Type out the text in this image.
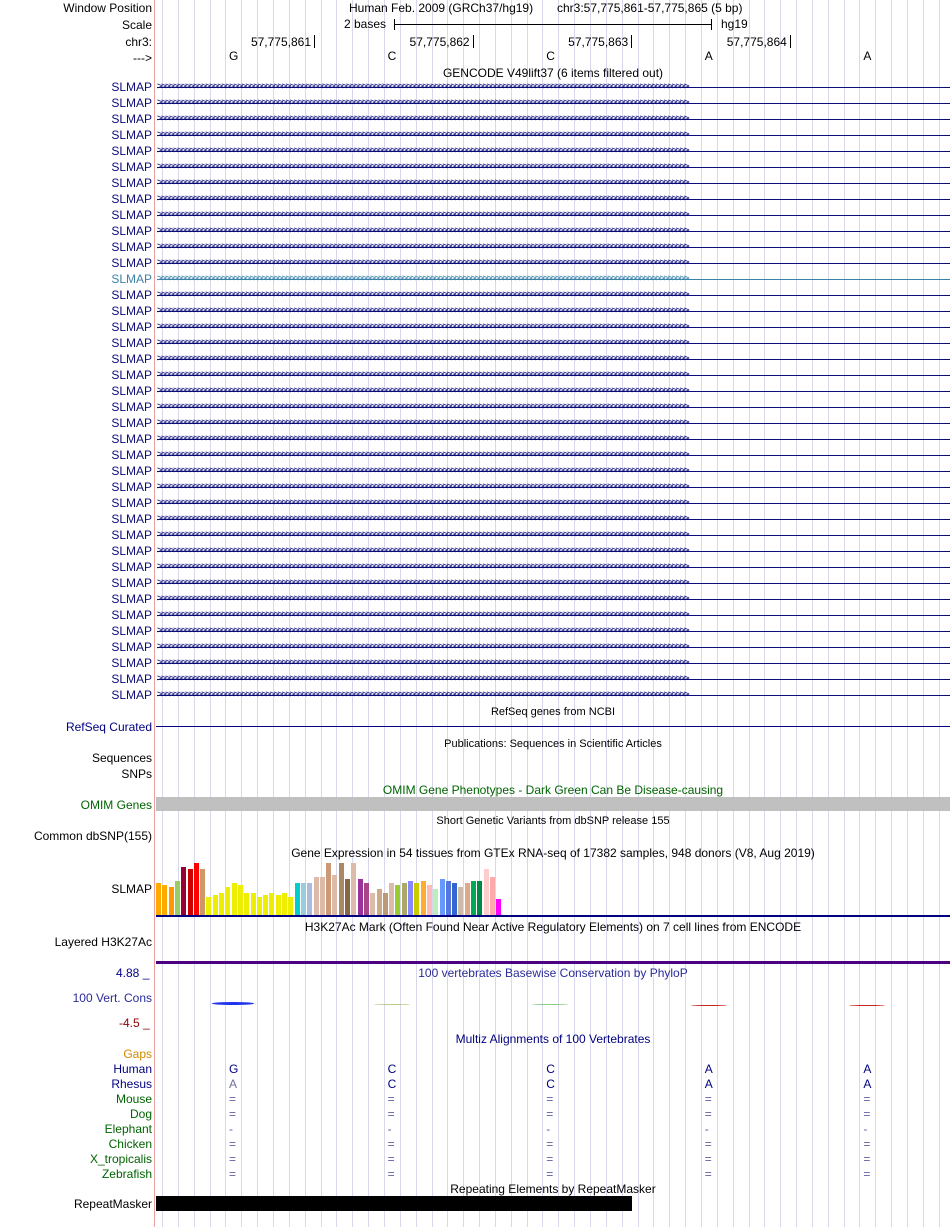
Window Position	Human Feb. 2009 (GRCh37/hg19) chr3:57,775,861-57,775,865 (5 bp)
Scale	2 bases	hg19
chr3:	57,775,861	57,775,862	57,775,863	57,775,864
--->	G	C	C	A	A
GENCODE V49lift37 (6 items filtered out)
SLMAP >>>>>>>>>>>>>>>>>>>>>>>>>>>>>>>>>>>>>>>>>>>>>>>>>>>>>>>>>>>>>>>>>>>>>>>>>>>>>>>>>>>>>>>>>>>>>>>>>>>>>>>>>>>>>>>>>>>>>>>>>>>>>>>>>>>>
SLMAP >>>>>>>>>>>>>>>>>>>>>>>>>>>>>>>>>>>>>>>>>>>>>>>>>>>>>>>>>>>>>>>>>>>>>>>>>>>>>>>>>>>>>>>>>>>>>>>>>>>>>>>>>>>>>>>>>>>>>>>>>>>>>>>>>>>>
SLMAP >>>>>>>>>>>>>>>>>>>>>>>>>>>>>>>>>>>>>>>>>>>>>>>>>>>>>>>>>>>>>>>>>>>>>>>>>>>>>>>>>>>>>>>>>>>>>>>>>>>>>>>>>>>>>>>>>>>>>>>>>>>>>>>>>>>>
SLMAP >>>>>>>>>>>>>>>>>>>>>>>>>>>>>>>>>>>>>>>>>>>>>>>>>>>>>>>>>>>>>>>>>>>>>>>>>>>>>>>>>>>>>>>>>>>>>>>>>>>>>>>>>>>>>>>>>>>>>>>>>>>>>>>>>>>>
SLMAP >>>>>>>>>>>>>>>>>>>>>>>>>>>>>>>>>>>>>>>>>>>>>>>>>>>>>>>>>>>>>>>>>>>>>>>>>>>>>>>>>>>>>>>>>>>>>>>>>>>>>>>>>>>>>>>>>>>>>>>>>>>>>>>>>>>>
SLMAP >>>>>>>>>>>>>>>>>>>>>>>>>>>>>>>>>>>>>>>>>>>>>>>>>>>>>>>>>>>>>>>>>>>>>>>>>>>>>>>>>>>>>>>>>>>>>>>>>>>>>>>>>>>>>>>>>>>>>>>>>>>>>>>>>>>>
SLMAP >>>>>>>>>>>>>>>>>>>>>>>>>>>>>>>>>>>>>>>>>>>>>>>>>>>>>>>>>>>>>>>>>>>>>>>>>>>>>>>>>>>>>>>>>>>>>>>>>>>>>>>>>>>>>>>>>>>>>>>>>>>>>>>>>>>>
SLMAP >>>>>>>>>>>>>>>>>>>>>>>>>>>>>>>>>>>>>>>>>>>>>>>>>>>>>>>>>>>>>>>>>>>>>>>>>>>>>>>>>>>>>>>>>>>>>>>>>>>>>>>>>>>>>>>>>>>>>>>>>>>>>>>>>>>>
SLMAP >>>>>>>>>>>>>>>>>>>>>>>>>>>>>>>>>>>>>>>>>>>>>>>>>>>>>>>>>>>>>>>>>>>>>>>>>>>>>>>>>>>>>>>>>>>>>>>>>>>>>>>>>>>>>>>>>>>>>>>>>>>>>>>>>>>>
SLMAP >>>>>>>>>>>>>>>>>>>>>>>>>>>>>>>>>>>>>>>>>>>>>>>>>>>>>>>>>>>>>>>>>>>>>>>>>>>>>>>>>>>>>>>>>>>>>>>>>>>>>>>>>>>>>>>>>>>>>>>>>>>>>>>>>>>>
SLMAP >>>>>>>>>>>>>>>>>>>>>>>>>>>>>>>>>>>>>>>>>>>>>>>>>>>>>>>>>>>>>>>>>>>>>>>>>>>>>>>>>>>>>>>>>>>>>>>>>>>>>>>>>>>>>>>>>>>>>>>>>>>>>>>>>>>>
SLMAP >>>>>>>>>>>>>>>>>>>>>>>>>>>>>>>>>>>>>>>>>>>>>>>>>>>>>>>>>>>>>>>>>>>>>>>>>>>>>>>>>>>>>>>>>>>>>>>>>>>>>>>>>>>>>>>>>>>>>>>>>>>>>>>>>>>>
SLMAP >>>>>>>>>>>>>>>>>>>>>>>>>>>>>>>>>>>>>>>>>>>>>>>>>>>>>>>>>>>>>>>>>>>>>>>>>>>>>>>>>>>>>>>>>>>>>>>>>>>>>>>>>>>>>>>>>>>>>>>>>>>>>>>>>>>>
SLMAP >>>>>>>>>>>>>>>>>>>>>>>>>>>>>>>>>>>>>>>>>>>>>>>>>>>>>>>>>>>>>>>>>>>>>>>>>>>>>>>>>>>>>>>>>>>>>>>>>>>>>>>>>>>>>>>>>>>>>>>>>>>>>>>>>>>>
SLMAP >>>>>>>>>>>>>>>>>>>>>>>>>>>>>>>>>>>>>>>>>>>>>>>>>>>>>>>>>>>>>>>>>>>>>>>>>>>>>>>>>>>>>>>>>>>>>>>>>>>>>>>>>>>>>>>>>>>>>>>>>>>>>>>>>>>>
SLMAP >>>>>>>>>>>>>>>>>>>>>>>>>>>>>>>>>>>>>>>>>>>>>>>>>>>>>>>>>>>>>>>>>>>>>>>>>>>>>>>>>>>>>>>>>>>>>>>>>>>>>>>>>>>>>>>>>>>>>>>>>>>>>>>>>>>>
SLMAP >>>>>>>>>>>>>>>>>>>>>>>>>>>>>>>>>>>>>>>>>>>>>>>>>>>>>>>>>>>>>>>>>>>>>>>>>>>>>>>>>>>>>>>>>>>>>>>>>>>>>>>>>>>>>>>>>>>>>>>>>>>>>>>>>>>>
SLMAP >>>>>>>>>>>>>>>>>>>>>>>>>>>>>>>>>>>>>>>>>>>>>>>>>>>>>>>>>>>>>>>>>>>>>>>>>>>>>>>>>>>>>>>>>>>>>>>>>>>>>>>>>>>>>>>>>>>>>>>>>>>>>>>>>>>>
SLMAP >>>>>>>>>>>>>>>>>>>>>>>>>>>>>>>>>>>>>>>>>>>>>>>>>>>>>>>>>>>>>>>>>>>>>>>>>>>>>>>>>>>>>>>>>>>>>>>>>>>>>>>>>>>>>>>>>>>>>>>>>>>>>>>>>>>>
SLMAP >>>>>>>>>>>>>>>>>>>>>>>>>>>>>>>>>>>>>>>>>>>>>>>>>>>>>>>>>>>>>>>>>>>>>>>>>>>>>>>>>>>>>>>>>>>>>>>>>>>>>>>>>>>>>>>>>>>>>>>>>>>>>>>>>>>>
SLMAP >>>>>>>>>>>>>>>>>>>>>>>>>>>>>>>>>>>>>>>>>>>>>>>>>>>>>>>>>>>>>>>>>>>>>>>>>>>>>>>>>>>>>>>>>>>>>>>>>>>>>>>>>>>>>>>>>>>>>>>>>>>>>>>>>>>>
SLMAP >>>>>>>>>>>>>>>>>>>>>>>>>>>>>>>>>>>>>>>>>>>>>>>>>>>>>>>>>>>>>>>>>>>>>>>>>>>>>>>>>>>>>>>>>>>>>>>>>>>>>>>>>>>>>>>>>>>>>>>>>>>>>>>>>>>>
SLMAP >>>>>>>>>>>>>>>>>>>>>>>>>>>>>>>>>>>>>>>>>>>>>>>>>>>>>>>>>>>>>>>>>>>>>>>>>>>>>>>>>>>>>>>>>>>>>>>>>>>>>>>>>>>>>>>>>>>>>>>>>>>>>>>>>>>>
SLMAP >>>>>>>>>>>>>>>>>>>>>>>>>>>>>>>>>>>>>>>>>>>>>>>>>>>>>>>>>>>>>>>>>>>>>>>>>>>>>>>>>>>>>>>>>>>>>>>>>>>>>>>>>>>>>>>>>>>>>>>>>>>>>>>>>>>>
SLMAP >>>>>>>>>>>>>>>>>>>>>>>>>>>>>>>>>>>>>>>>>>>>>>>>>>>>>>>>>>>>>>>>>>>>>>>>>>>>>>>>>>>>>>>>>>>>>>>>>>>>>>>>>>>>>>>>>>>>>>>>>>>>>>>>>>>>
SLMAP >>>>>>>>>>>>>>>>>>>>>>>>>>>>>>>>>>>>>>>>>>>>>>>>>>>>>>>>>>>>>>>>>>>>>>>>>>>>>>>>>>>>>>>>>>>>>>>>>>>>>>>>>>>>>>>>>>>>>>>>>>>>>>>>>>>>
SLMAP >>>>>>>>>>>>>>>>>>>>>>>>>>>>>>>>>>>>>>>>>>>>>>>>>>>>>>>>>>>>>>>>>>>>>>>>>>>>>>>>>>>>>>>>>>>>>>>>>>>>>>>>>>>>>>>>>>>>>>>>>>>>>>>>>>>>
SLMAP >>>>>>>>>>>>>>>>>>>>>>>>>>>>>>>>>>>>>>>>>>>>>>>>>>>>>>>>>>>>>>>>>>>>>>>>>>>>>>>>>>>>>>>>>>>>>>>>>>>>>>>>>>>>>>>>>>>>>>>>>>>>>>>>>>>>
SLMAP >>>>>>>>>>>>>>>>>>>>>>>>>>>>>>>>>>>>>>>>>>>>>>>>>>>>>>>>>>>>>>>>>>>>>>>>>>>>>>>>>>>>>>>>>>>>>>>>>>>>>>>>>>>>>>>>>>>>>>>>>>>>>>>>>>>>
SLMAP >>>>>>>>>>>>>>>>>>>>>>>>>>>>>>>>>>>>>>>>>>>>>>>>>>>>>>>>>>>>>>>>>>>>>>>>>>>>>>>>>>>>>>>>>>>>>>>>>>>>>>>>>>>>>>>>>>>>>>>>>>>>>>>>>>>>
SLMAP >>>>>>>>>>>>>>>>>>>>>>>>>>>>>>>>>>>>>>>>>>>>>>>>>>>>>>>>>>>>>>>>>>>>>>>>>>>>>>>>>>>>>>>>>>>>>>>>>>>>>>>>>>>>>>>>>>>>>>>>>>>>>>>>>>>>
SLMAP >>>>>>>>>>>>>>>>>>>>>>>>>>>>>>>>>>>>>>>>>>>>>>>>>>>>>>>>>>>>>>>>>>>>>>>>>>>>>>>>>>>>>>>>>>>>>>>>>>>>>>>>>>>>>>>>>>>>>>>>>>>>>>>>>>>>
SLMAP >>>>>>>>>>>>>>>>>>>>>>>>>>>>>>>>>>>>>>>>>>>>>>>>>>>>>>>>>>>>>>>>>>>>>>>>>>>>>>>>>>>>>>>>>>>>>>>>>>>>>>>>>>>>>>>>>>>>>>>>>>>>>>>>>>>>
SLMAP >>>>>>>>>>>>>>>>>>>>>>>>>>>>>>>>>>>>>>>>>>>>>>>>>>>>>>>>>>>>>>>>>>>>>>>>>>>>>>>>>>>>>>>>>>>>>>>>>>>>>>>>>>>>>>>>>>>>>>>>>>>>>>>>>>>>
SLMAP >>>>>>>>>>>>>>>>>>>>>>>>>>>>>>>>>>>>>>>>>>>>>>>>>>>>>>>>>>>>>>>>>>>>>>>>>>>>>>>>>>>>>>>>>>>>>>>>>>>>>>>>>>>>>>>>>>>>>>>>>>>>>>>>>>>>
SLMAP >>>>>>>>>>>>>>>>>>>>>>>>>>>>>>>>>>>>>>>>>>>>>>>>>>>>>>>>>>>>>>>>>>>>>>>>>>>>>>>>>>>>>>>>>>>>>>>>>>>>>>>>>>>>>>>>>>>>>>>>>>>>>>>>>>>>
SLMAP >>>>>>>>>>>>>>>>>>>>>>>>>>>>>>>>>>>>>>>>>>>>>>>>>>>>>>>>>>>>>>>>>>>>>>>>>>>>>>>>>>>>>>>>>>>>>>>>>>>>>>>>>>>>>>>>>>>>>>>>>>>>>>>>>>>>
SLMAP >>>>>>>>>>>>>>>>>>>>>>>>>>>>>>>>>>>>>>>>>>>>>>>>>>>>>>>>>>>>>>>>>>>>>>>>>>>>>>>>>>>>>>>>>>>>>>>>>>>>>>>>>>>>>>>>>>>>>>>>>>>>>>>>>>>>
SLMAP >>>>>>>>>>>>>>>>>>>>>>>>>>>>>>>>>>>>>>>>>>>>>>>>>>>>>>>>>>>>>>>>>>>>>>>>>>>>>>>>>>>>>>>>>>>>>>>>>>>>>>>>>>>>>>>>>>>>>>>>>>>>>>>>>>>>
RefSeq genes from NCBI
RefSeq Curated
Publications: Sequences in Scientific Articles
Sequences
SNPs
OMIM Gene Phenotypes - Dark Green Can Be Disease-causing
OMIM Genes
Short Genetic Variants from dbSNP release 155
Common dbSNP(155)
Gene Expression in 54 tissues from GTEx RNA-seq of 17382 samples, 948 donors (V8, Aug 2019)
SLMAP
H3K27Ac Mark (Often Found Near Active Regulatory Elements) on 7 cell lines from ENCODE
Layered H3K27Ac
4.88 _	100 vertebrates Basewise Conservation by PhyloP
100 Vert. Cons
-4.5 _
Multiz Alignments of 100 Vertebrates
Gaps
Human	G	C	C	A	A
Rhesus	A	C	C	A	A
Mouse	=	=	=	=	=
Dog	=	=	=	=	=
Elephant	-	-	-	-	-
Chicken	=	=	=	=	=
X_tropicalis	=	=	=	=	=
Zebrafish	=	=	=	=	=
Repeating Elements by RepeatMasker
RepeatMasker
